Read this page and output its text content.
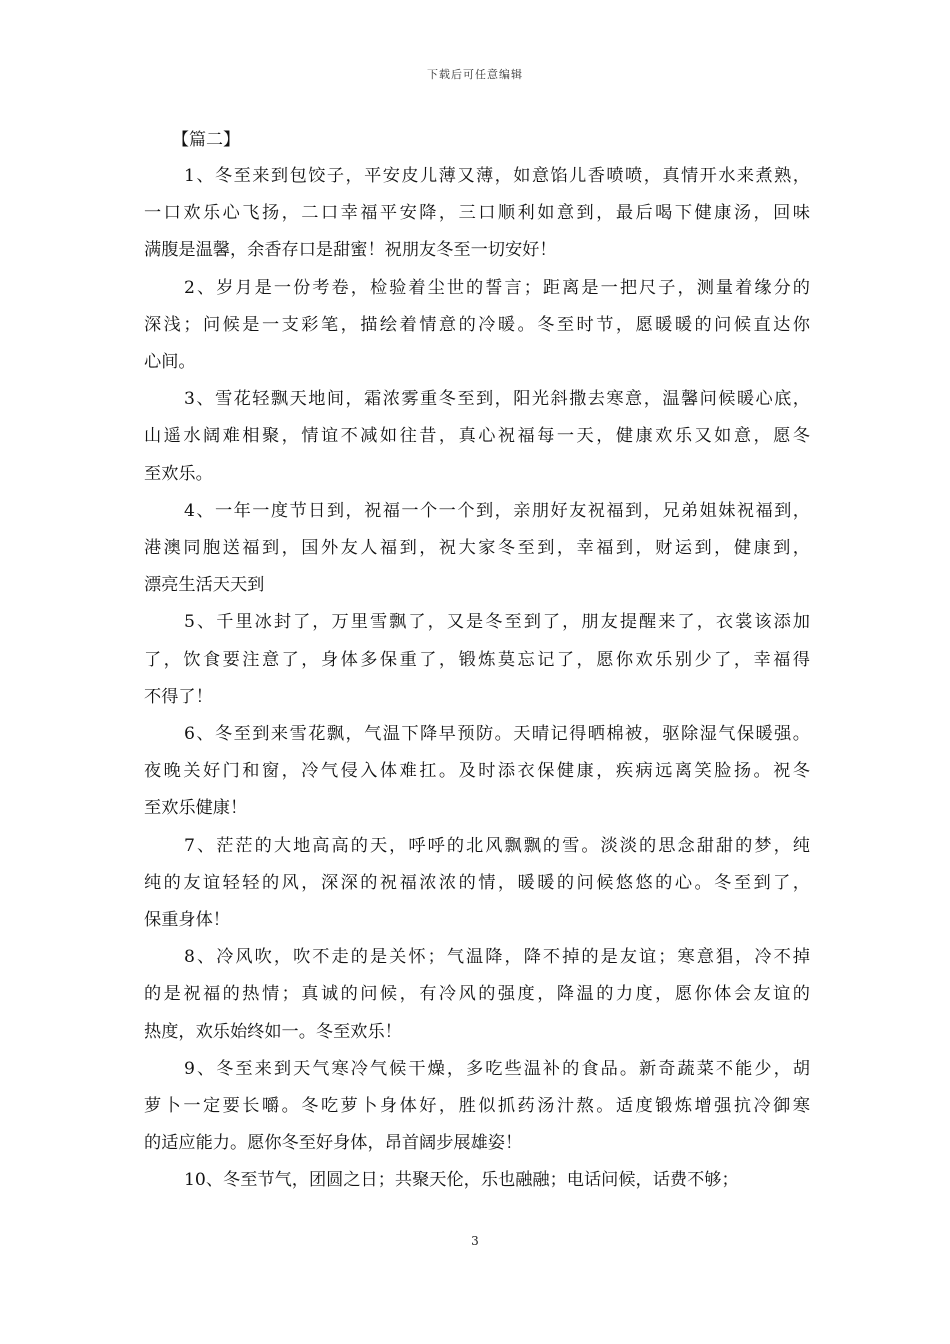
下载后可任意编辑
【篇二】
1、冬至来到包饺子，平安皮儿薄又薄，如意馅儿香喷喷，真情开水来煮熟，
一口欢乐心飞扬，二口幸福平安降，三口顺利如意到，最后喝下健康汤，回味
满腹是温馨，余香存口是甜蜜！祝朋友冬至一切安好！
2、岁月是一份考卷，检验着尘世的誓言；距离是一把尺子，测量着缘分的
深浅；问候是一支彩笔，描绘着情意的冷暖。冬至时节，愿暖暖的问候直达你
心间。
3、雪花轻飘天地间，霜浓雾重冬至到，阳光斜撒去寒意，温馨问候暖心底，
山遥水阔难相聚，情谊不减如往昔，真心祝福每一天，健康欢乐又如意，愿冬
至欢乐。
4、一年一度节日到，祝福一个一个到，亲朋好友祝福到，兄弟姐妹祝福到，
港澳同胞送福到，国外友人福到，祝大家冬至到，幸福到，财运到，健康到，
漂亮生活天天到
5、千里冰封了，万里雪飘了，又是冬至到了，朋友提醒来了，衣裳该添加
了，饮食要注意了，身体多保重了，锻炼莫忘记了，愿你欢乐别少了，幸福得
不得了！
6、冬至到来雪花飘，气温下降早预防。天晴记得晒棉被，驱除湿气保暖强。
夜晚关好门和窗，冷气侵入体难扛。及时添衣保健康，疾病远离笑脸扬。祝冬
至欢乐健康！
7、茫茫的大地高高的天，呼呼的北风飘飘的雪。淡淡的思念甜甜的梦，纯
纯的友谊轻轻的风，深深的祝福浓浓的情，暖暖的问候悠悠的心。冬至到了，
保重身体！
8、冷风吹，吹不走的是关怀；气温降，降不掉的是友谊；寒意猖，冷不掉
的是祝福的热情；真诚的问候，有冷风的强度，降温的力度，愿你体会友谊的
热度，欢乐始终如一。冬至欢乐！
9、冬至来到天气寒冷气候干燥，多吃些温补的食品。新奇蔬菜不能少，胡
萝卜一定要长嚼。冬吃萝卜身体好，胜似抓药汤汁熬。适度锻炼增强抗冷御寒
的适应能力。愿你冬至好身体，昂首阔步展雄姿！
10、冬至节气，团圆之日；共聚天伦，乐也融融；电话问候，话费不够；
3
